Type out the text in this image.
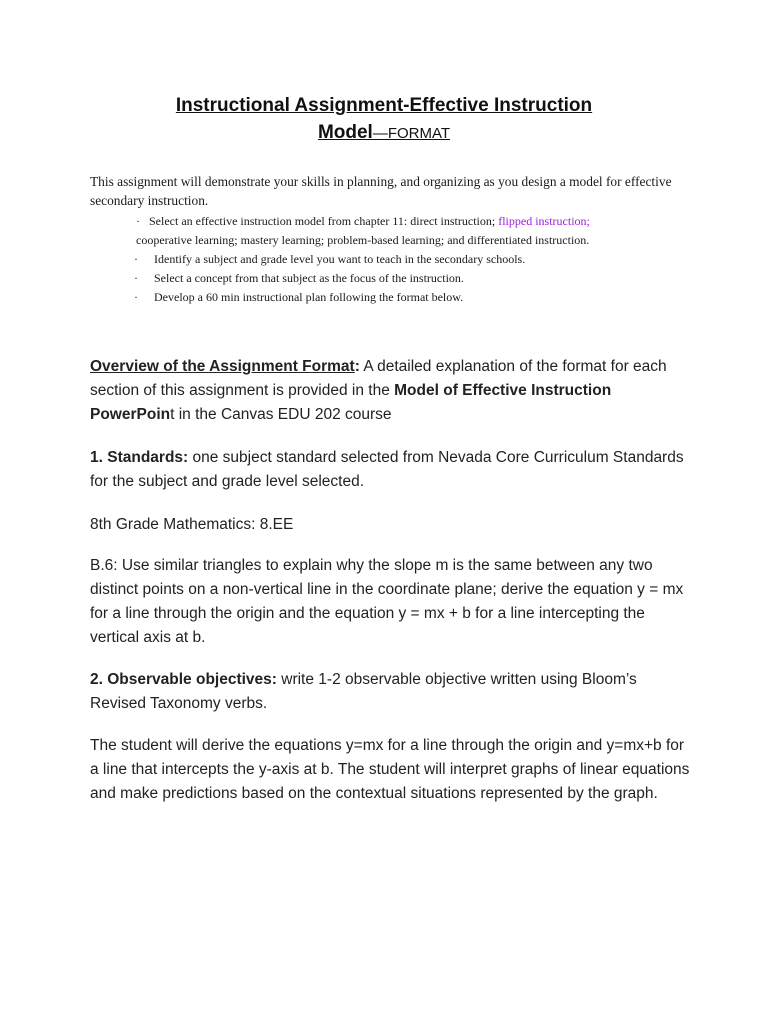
Instructional Assignment-Effective Instruction
Model—FORMAT
This assignment will demonstrate your skills in planning, and organizing as you design a model for effective secondary instruction.
· Select an effective instruction model from chapter 11: direct instruction; flipped instruction;
cooperative learning; mastery learning; problem-based learning; and differentiated instruction.
· Identify a subject and grade level you want to teach in the secondary schools.
· Select a concept from that subject as the focus of the instruction.
· Develop a 60 min instructional plan following the format below.
Overview of the Assignment Format: A detailed explanation of the format for each section of this assignment is provided in the Model of Effective Instruction PowerPoint in the Canvas EDU 202 course
1. Standards: one subject standard selected from Nevada Core Curriculum Standards for the subject and grade level selected.
8th Grade Mathematics: 8.EE
B.6: Use similar triangles to explain why the slope m is the same between any two distinct points on a non-vertical line in the coordinate plane; derive the equation y = mx for a line through the origin and the equation y = mx + b for a line intercepting the vertical axis at b.
2. Observable objectives: write 1-2 observable objective written using Bloom’s Revised Taxonomy verbs.
The student will derive the equations y=mx for a line through the origin and y=mx+b for a line that intercepts the y-axis at b. The student will interpret graphs of linear equations and make predictions based on the contextual situations represented by the graph.
